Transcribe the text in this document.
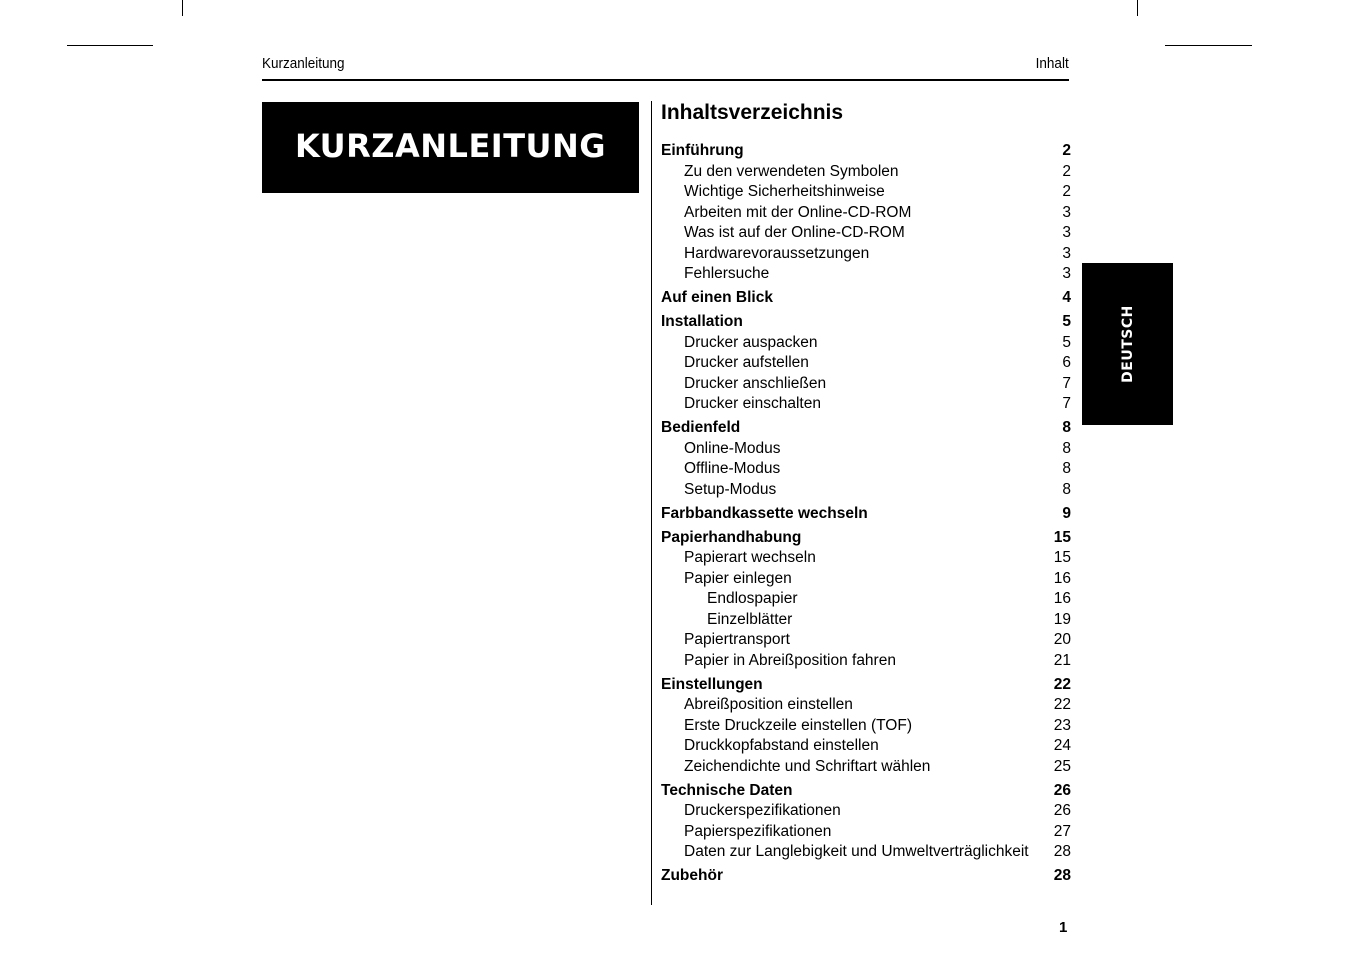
Kurzanleitung	Inhalt
KURZANLEITUNG
Inhaltsverzeichnis
Einführung	2
Zu den verwendeten Symbolen	2
Wichtige Sicherheitshinweise	2
Arbeiten mit der Online-CD-ROM	3
Was ist auf der Online-CD-ROM	3
Hardwarevoraussetzungen	3
Fehlersuche	3
Auf einen Blick	4
Installation	5
Drucker auspacken	5
Drucker aufstellen	6
Drucker anschließen	7
Drucker einschalten	7
Bedienfeld	8
Online-Modus	8
Offline-Modus	8
Setup-Modus	8
Farbbandkassette wechseln	9
Papierhandhabung	15
Papierart wechseln	15
Papier einlegen	16
Endlospapier	16
Einzelblätter	19
Papiertransport	20
Papier in Abreißposition fahren	21
Einstellungen	22
Abreißposition einstellen	22
Erste Druckzeile einstellen (TOF)	23
Druckkopfabstand einstellen	24
Zeichendichte und Schriftart wählen	25
Technische Daten	26
Druckerspezifikationen	26
Papierspezifikationen	27
Daten zur Langlebigkeit und Umweltverträglichkeit 28
Zubehör	28
DEUTSCH
1
